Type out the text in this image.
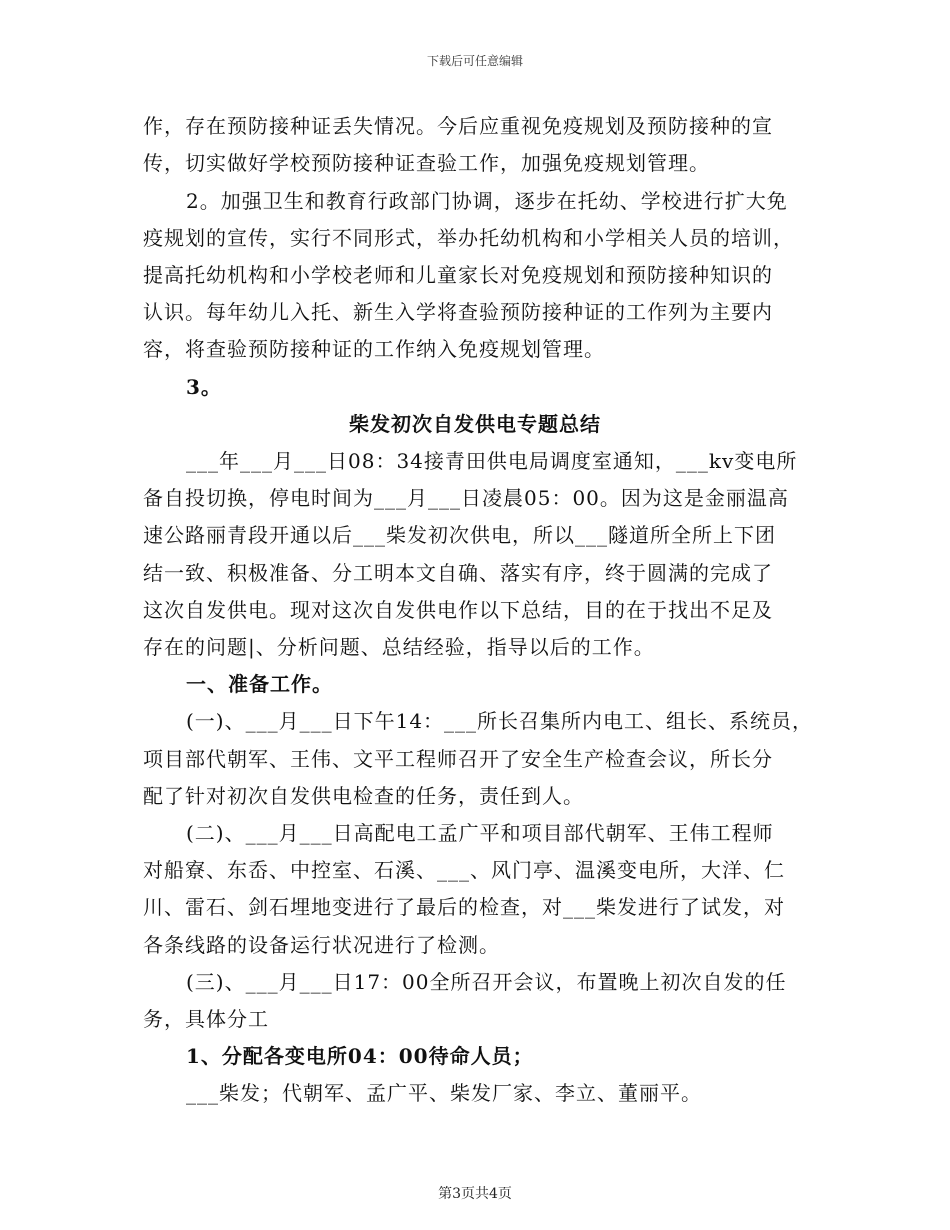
下载后可任意编辑
作，存在预防接种证丢失情况。今后应重视免疫规划及预防接种的宣
传，切实做好学校预防接种证查验工作，加强免疫规划管理。
2。加强卫生和教育行政部门协调，逐步在托幼、学校进行扩大免
疫规划的宣传，实行不同形式，举办托幼机构和小学相关人员的培训，
提高托幼机构和小学校老师和儿童家长对免疫规划和预防接种知识的
认识。每年幼儿入托、新生入学将查验预防接种证的工作列为主要内
容，将查验预防接种证的工作纳入免疫规划管理。
3。
柴发初次自发供电专题总结
___年___月___日08：34接青田供电局调度室通知，___kv变电所
备自投切换，停电时间为___月___日凌晨05：00。因为这是金丽温高
速公路丽青段开通以后___柴发初次供电，所以___隧道所全所上下团
结一致、积极准备、分工明本文自确、落实有序，终于圆满的完成了
这次自发供电。现对这次自发供电作以下总结，目的在于找出不足及
存在的问题|、分析问题、总结经验，指导以后的工作。
一、准备工作。
(一)、___月___日下午14：___所长召集所内电工、组长、系统员，
项目部代朝军、王伟、文平工程师召开了安全生产检查会议，所长分
配了针对初次自发供电检查的任务，责任到人。
(二)、___月___日高配电工孟广平和项目部代朝军、王伟工程师
对船寮、东岙、中控室、石溪、___、风门亭、温溪变电所，大洋、仁
川、雷石、剑石埋地变进行了最后的检查，对___柴发进行了试发，对
各条线路的设备运行状况进行了检测。
(三)、___月___日17：00全所召开会议，布置晚上初次自发的任
务，具体分工
1、分配各变电所04：00待命人员；
___柴发；代朝军、孟广平、柴发厂家、李立、董丽平。
第3页共4页
